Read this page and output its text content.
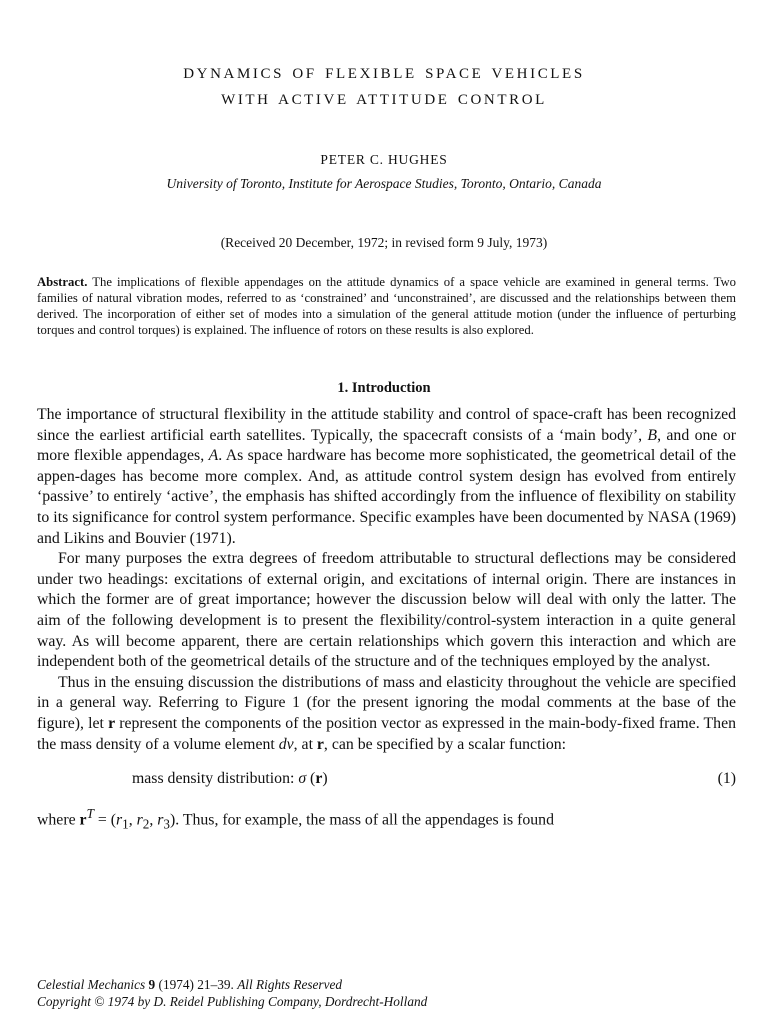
DYNAMICS OF FLEXIBLE SPACE VEHICLES
WITH ACTIVE ATTITUDE CONTROL
PETER C. HUGHES
University of Toronto, Institute for Aerospace Studies, Toronto, Ontario, Canada
(Received 20 December, 1972; in revised form 9 July, 1973)

Abstract. The implications of flexible appendages on the attitude dynamics of a space vehicle are examined in general terms. Two families of natural vibration modes, referred to as ‘constrained’ and ‘unconstrained’, are discussed and the relationships between them derived. The incorporation of either set of modes into a simulation of the general attitude motion (under the influence of perturbing torques and control torques) is explained. The influence of rotors on these results is also explored.

1. Introduction

The importance of structural flexibility in the attitude stability and control of space-craft has been recognized since the earliest artificial earth satellites. Typically, the spacecraft consists of a ‘main body’, B, and one or more flexible appendages, A. As space hardware has become more sophisticated, the geometrical detail of the appen-dages has become more complex. And, as attitude control system design has evolved from entirely ‘passive’ to entirely ‘active’, the emphasis has shifted accordingly from the influence of flexibility on stability to its significance for control system performance. Specific examples have been documented by NASA (1969) and Likins and Bouvier (1971).

For many purposes the extra degrees of freedom attributable to structural deflections may be considered under two headings: excitations of external origin, and excitations of internal origin. There are instances in which the former are of great importance; however the discussion below will deal with only the latter. The aim of the following development is to present the flexibility/control-system interaction in a quite general way. As will become apparent, there are certain relationships which govern this interaction and which are independent both of the geometrical details of the structure and of the techniques employed by the analyst.

Thus in the ensuing discussion the distributions of mass and elasticity throughout the vehicle are specified in a general way. Referring to Figure 1 (for the present ignoring the modal comments at the base of the figure), let r represent the components of the position vector as expressed in the main-body-fixed frame. Then the mass density of a volume element dv, at r, can be specified by a scalar function:

mass density distribution: σ (r)	(1)

where $r^T = (r_1$, $r_2$, $r_3$). Thus, for example, the mass of all the appendages is found

Celestial Mechanics 9 (1974) 21–39. All Rights Reserved
Copyright © 1974 by D. Reidel Publishing Company, Dordrecht-Holland
